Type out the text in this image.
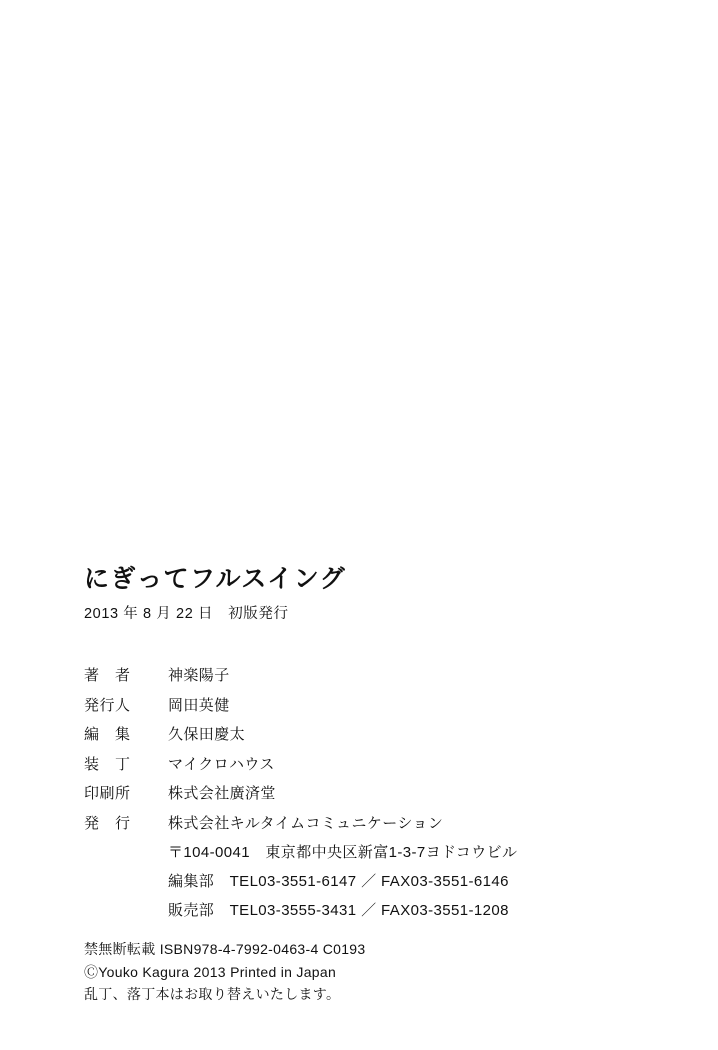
にぎってフルスイング
2013 年 8 月 22 日　初版発行
著　者	神楽陽子
発行人	岡田英健
編　集	久保田慶太
装　丁	マイクロハウス
印刷所	株式会社廣済堂
発　行	株式会社キルタイムコミュニケーション
〒104-0041　東京都中央区新富1-3-7ヨドコウビル
編集部　TEL03-3551-6147 ／ FAX03-3551-6146
販売部　TEL03-3555-3431 ／ FAX03-3551-1208
禁無断転載 ISBN978-4-7992-0463-4 C0193
ⒸYouko Kagura 2013 Printed in Japan
乱丁、落丁本はお取り替えいたします。
